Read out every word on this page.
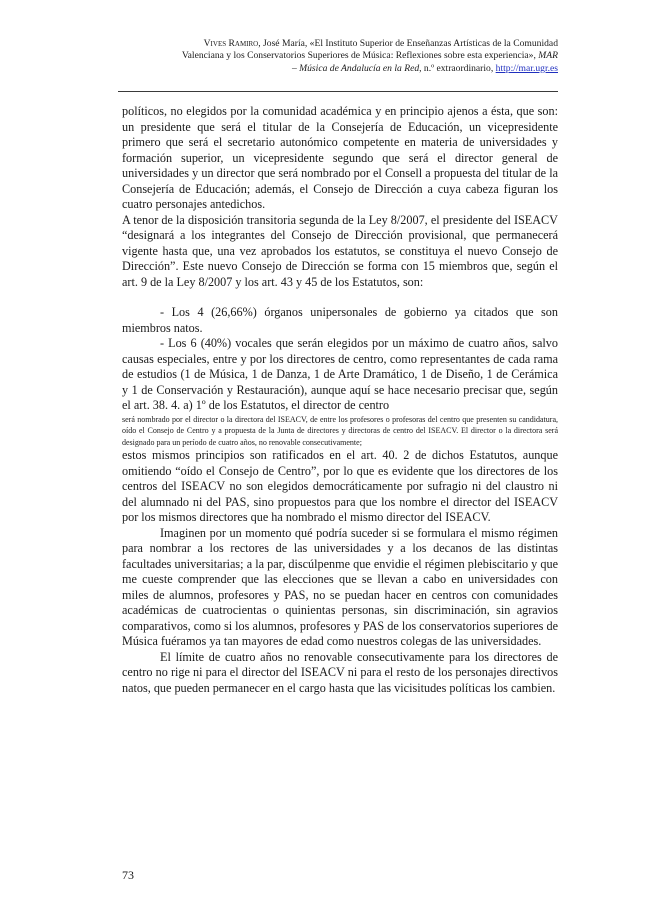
Vives Ramiro, José María, «El Instituto Superior de Enseñanzas Artísticas de la Comunidad
Valenciana y los Conservatorios Superiores de Música: Reflexiones sobre esta experiencia», MAR
– Música de Andalucía en la Red, n.º extraordinario, http://mar.ugr.es

políticos, no elegidos por la comunidad académica y en principio ajenos a ésta, que son: un presidente que será el titular de la Consejería de Educación, un vicepresidente primero que será el secretario autonómico competente en materia de universidades y formación superior, un vicepresidente segundo que será el director general de universidades y un director que será nombrado por el Consell a propuesta del titular de la Consejería de Educación; además, el Consejo de Dirección a cuya cabeza figuran los cuatro personajes antedichos.

A tenor de la disposición transitoria segunda de la Ley 8/2007, el presidente del ISEACV “designará a los integrantes del Consejo de Dirección provisional, que permanecerá vigente hasta que, una vez aprobados los estatutos, se constituya el nuevo Consejo de Dirección”. Este nuevo Consejo de Dirección se forma con 15 miembros que, según el art. 9 de la Ley 8/2007 y los art. 43 y 45 de los Estatutos, son:

- Los 4 (26,66%) órganos unipersonales de gobierno ya citados que son miembros natos.

- Los 6 (40%) vocales que serán elegidos por un máximo de cuatro años, salvo causas especiales, entre y por los directores de centro, como representantes de cada rama de estudios (1 de Música, 1 de Danza, 1 de Arte Dramático, 1 de Diseño, 1 de Cerámica y 1 de Conservación y Restauración), aunque aquí se hace necesario precisar que, según el art. 38. 4. a) 1º de los Estatutos, el director de centro

será nombrado por el director o la directora del ISEACV, de entre los profesores o profesoras del centro que presenten su candidatura, oído el Consejo de Centro y a propuesta de la Junta de directores y directoras de centro del ISEACV. El director o la directora será designado para un período de cuatro años, no renovable consecutivamente;

estos mismos principios son ratificados en el art. 40. 2 de dichos Estatutos, aunque omitiendo “oído el Consejo de Centro”, por lo que es evidente que los directores de los centros del ISEACV no son elegidos democráticamente por sufragio ni del claustro ni del alumnado ni del PAS, sino propuestos para que los nombre el director del ISEACV por los mismos directores que ha nombrado el mismo director del ISEACV.

Imaginen por un momento qué podría suceder si se formulara el mismo régimen para nombrar a los rectores de las universidades y a los decanos de las distintas facultades universitarias; a la par, discúlpenme que envidie el régimen plebiscitario y que me cueste comprender que las elecciones que se llevan a cabo en universidades con miles de alumnos, profesores y PAS, no se puedan hacer en centros con comunidades académicas de cuatrocientas o quinientas personas, sin discriminación, sin agravios comparativos, como si los alumnos, profesores y PAS de los conservatorios superiores de Música fuéramos ya tan mayores de edad como nuestros colegas de las universidades.

El límite de cuatro años no renovable consecutivamente para los directores de centro no rige ni para el director del ISEACV ni para el resto de los personajes directivos natos, que pueden permanecer en el cargo hasta que las vicisitudes políticas los cambien.

73
